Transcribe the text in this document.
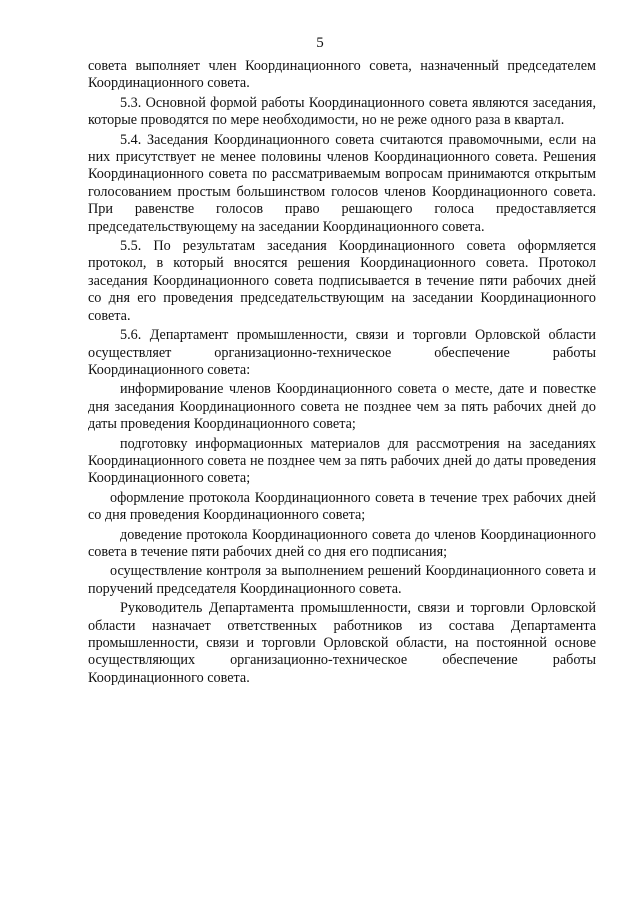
5

совета выполняет член Координационного совета, назначенный председателем Координационного совета.

5.3. Основной формой работы Координационного совета являются заседания, которые проводятся по мере необходимости, но не реже одного раза в квартал.

5.4. Заседания Координационного совета считаются правомочными, если на них присутствует не менее половины членов Координационного совета. Решения Координационного совета по рассматриваемым вопросам принимаются открытым голосованием простым большинством голосов членов Координационного совета. При равенстве голосов право решающего голоса предоставляется председательствующему на заседании Координационного совета.

5.5. По результатам заседания Координационного совета оформляется протокол, в который вносятся решения Координационного совета. Протокол заседания Координационного совета подписывается в течение пяти рабочих дней со дня его проведения председательствующим на заседании Координационного совета.

5.6. Департамент промышленности, связи и торговли Орловской области осуществляет организационно-техническое обеспечение работы Координационного совета:

информирование членов Координационного совета о месте, дате и повестке дня заседания Координационного совета не позднее чем за пять рабочих дней до даты проведения Координационного совета;

подготовку информационных материалов для рассмотрения на заседаниях Координационного совета не позднее чем за пять рабочих дней до даты проведения Координационного совета;

оформление протокола Координационного совета в течение трех рабочих дней со дня проведения Координационного совета;

доведение протокола Координационного совета до членов Координационного совета в течение пяти рабочих дней со дня его подписания;

осуществление контроля за выполнением решений Координационного совета и поручений председателя Координационного совета.

Руководитель Департамента промышленности, связи и торговли Орловской области назначает ответственных работников из состава Департамента промышленности, связи и торговли Орловской области, на постоянной основе осуществляющих организационно-техническое обеспечение работы Координационного совета.
